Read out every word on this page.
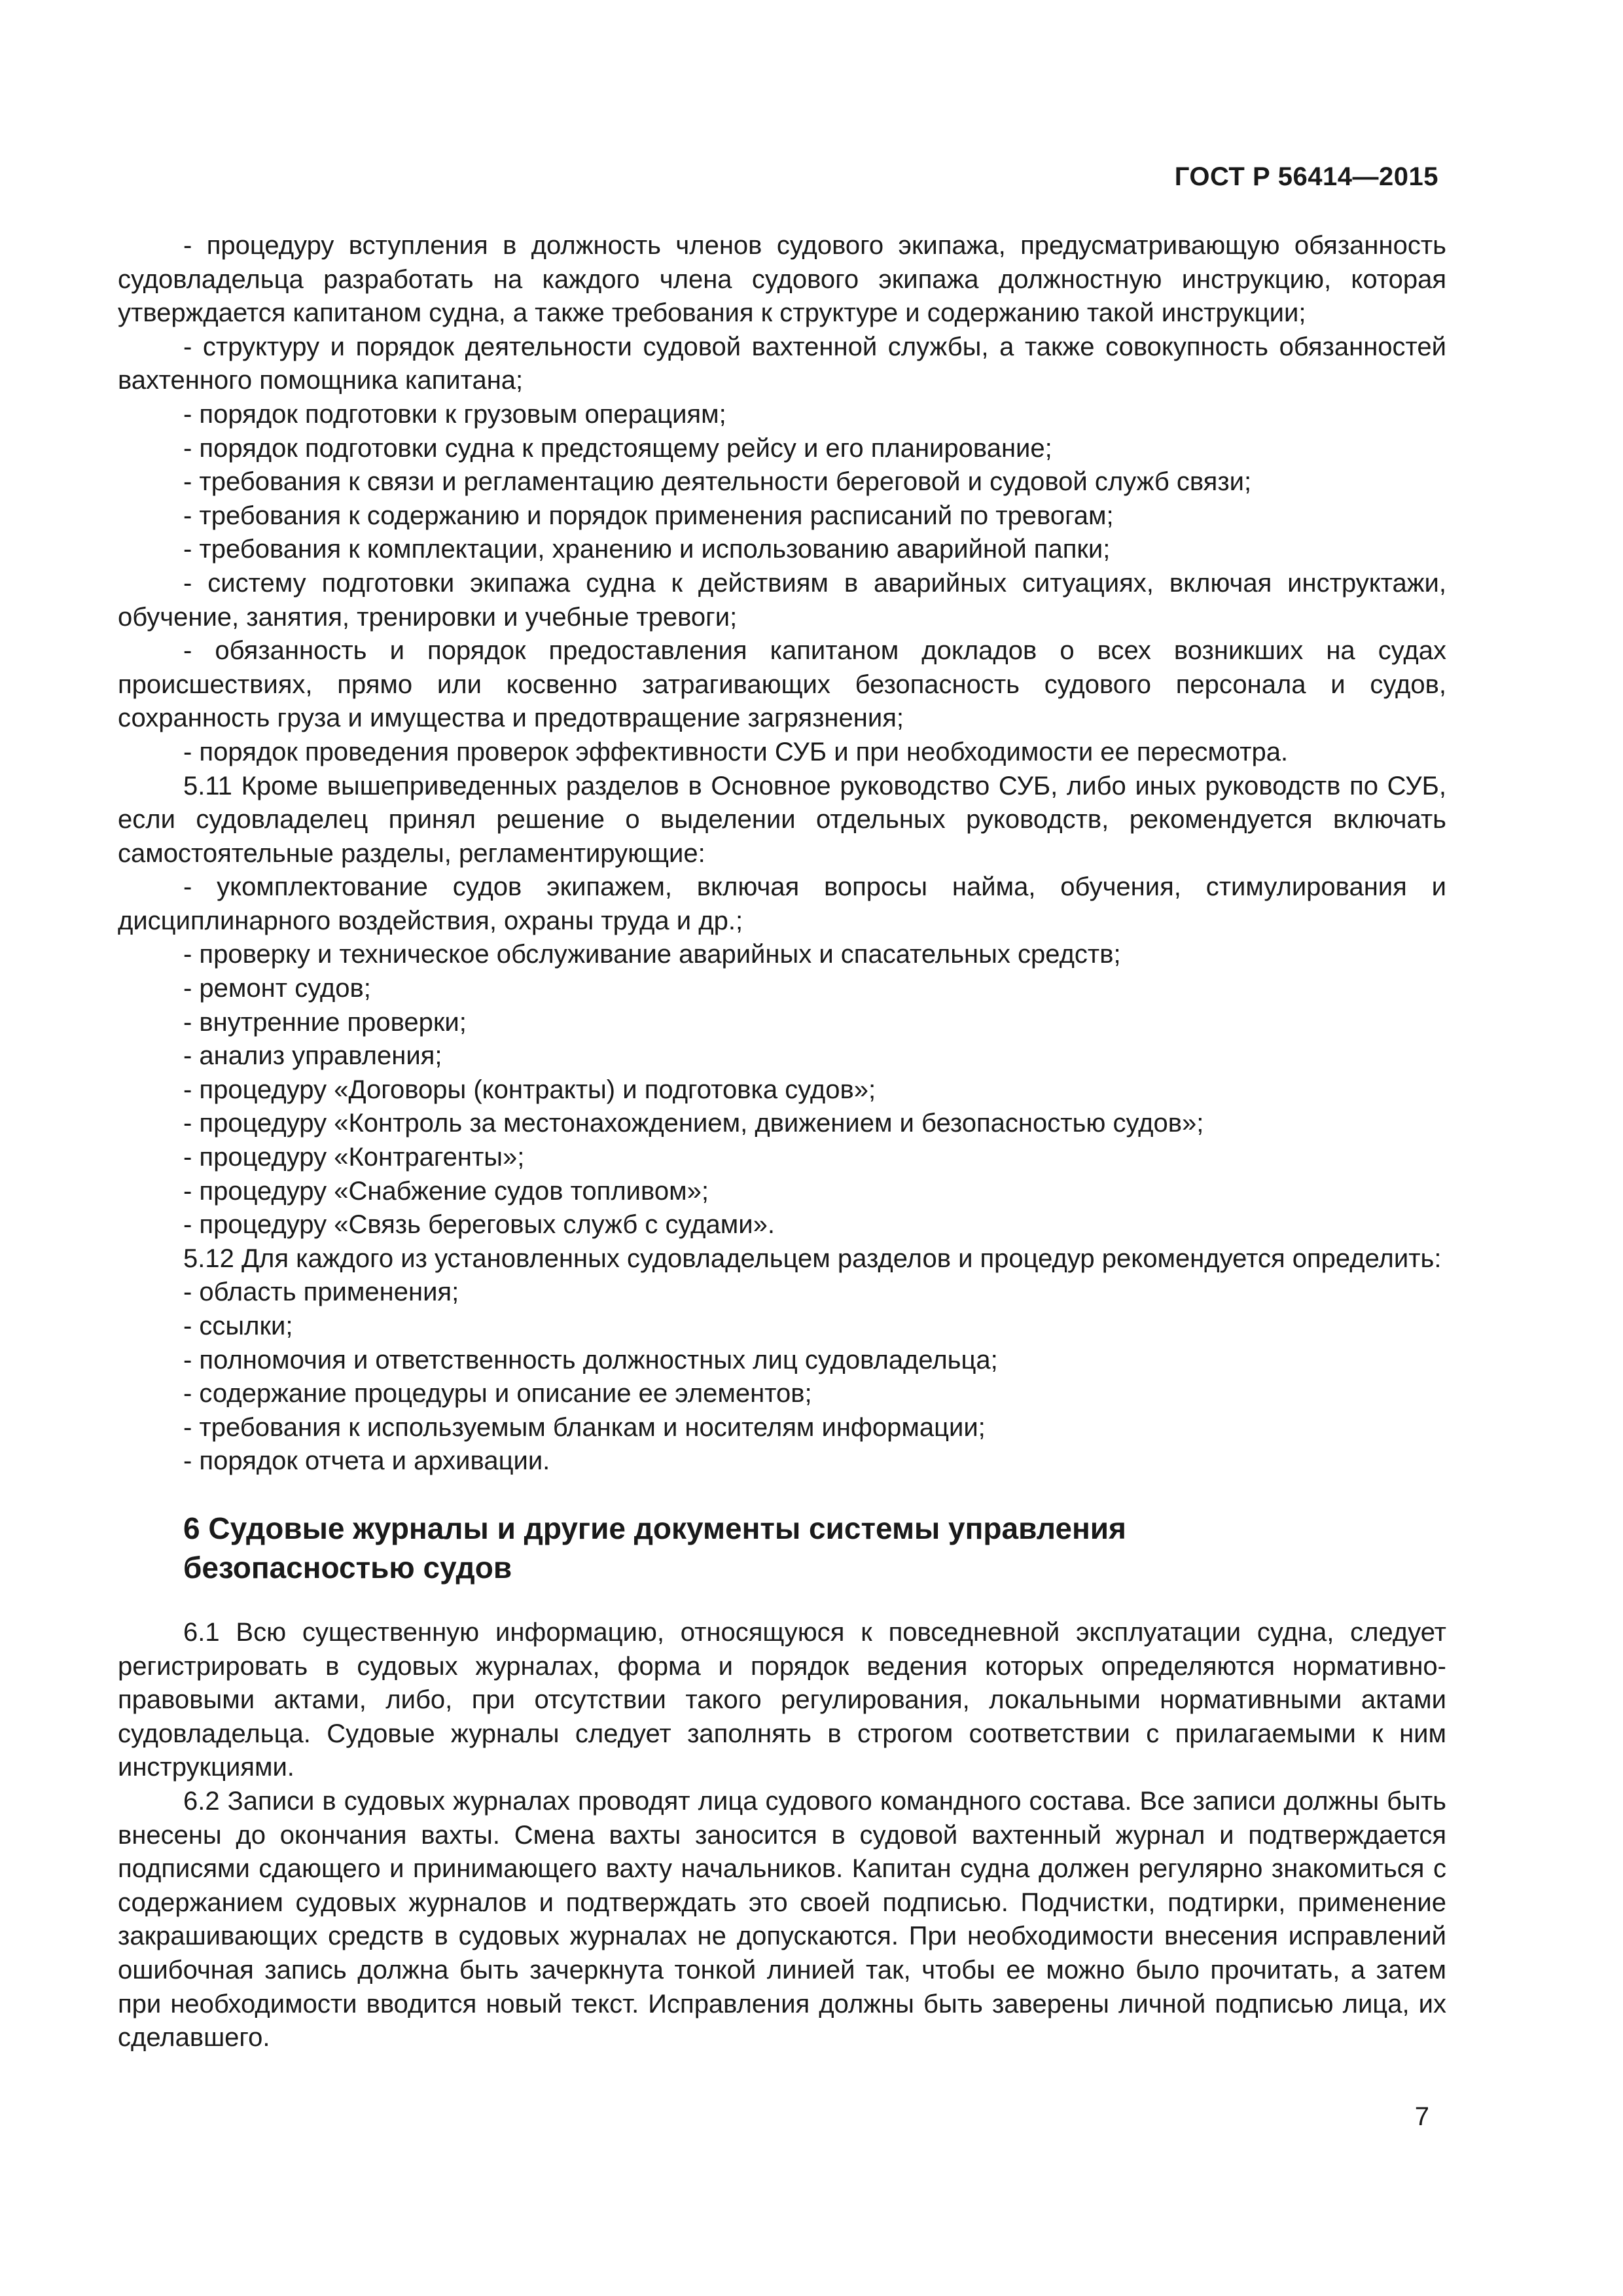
ГОСТ Р 56414—2015

- процедуру вступления в должность членов судового экипажа, предусматривающую обязанность судовладельца разработать на каждого члена судового экипажа должностную инструкцию, которая утверждается капитаном судна, а также требования к структуре и содержанию такой инструкции;

- структуру и порядок деятельности судовой вахтенной службы, а также совокупность обязанностей вахтенного помощника капитана;

- порядок подготовки к грузовым операциям;

- порядок подготовки судна к предстоящему рейсу и его планирование;

- требования к связи и регламентацию деятельности береговой и судовой служб связи;

- требования к содержанию и порядок применения расписаний по тревогам;

- требования к комплектации, хранению и использованию аварийной папки;

- систему подготовки экипажа судна к действиям в аварийных ситуациях, включая инструктажи, обучение, занятия, тренировки и учебные тревоги;

- обязанность и порядок предоставления капитаном докладов о всех возникших на судах происшествиях, прямо или косвенно затрагивающих безопасность судового персонала и судов, сохранность груза и имущества и предотвращение загрязнения;

- порядок проведения проверок эффективности СУБ и при необходимости ее пересмотра.

5.11 Кроме вышеприведенных разделов в Основное руководство СУБ, либо иных руководств по СУБ, если судовладелец принял решение о выделении отдельных руководств, рекомендуется включать самостоятельные разделы, регламентирующие:

- укомплектование судов экипажем, включая вопросы найма, обучения, стимулирования и дисциплинарного воздействия, охраны труда и др.;

- проверку и техническое обслуживание аварийных и спасательных средств;

- ремонт судов;

- внутренние проверки;

- анализ управления;

- процедуру «Договоры (контракты) и подготовка судов»;

- процедуру «Контроль за местонахождением, движением и безопасностью судов»;

- процедуру «Контрагенты»;

- процедуру «Снабжение судов топливом»;

- процедуру «Связь береговых служб с судами».

5.12 Для каждого из установленных судовладельцем разделов и процедур рекомендуется определить:

- область применения;

- ссылки;

- полномочия и ответственность должностных лиц судовладельца;

- содержание процедуры и описание ее элементов;

- требования к используемым бланкам и носителям информации;

- порядок отчета и архивации.

6 Судовые журналы и другие документы системы управления безопасностью судов

6.1 Всю существенную информацию, относящуюся к повседневной эксплуатации судна, следует регистрировать в судовых журналах, форма и порядок ведения которых определяются нормативно-правовыми актами, либо, при отсутствии такого регулирования, локальными нормативными актами судовладельца. Судовые журналы следует заполнять в строгом соответствии с прилагаемыми к ним инструкциями.

6.2 Записи в судовых журналах проводят лица судового командного состава. Все записи должны быть внесены до окончания вахты. Смена вахты заносится в судовой вахтенный журнал и подтверждается подписями сдающего и принимающего вахту начальников. Капитан судна должен регулярно знакомиться с содержанием судовых журналов и подтверждать это своей подписью. Подчистки, подтирки, применение закрашивающих средств в судовых журналах не допускаются. При необходимости внесения исправлений ошибочная запись должна быть зачеркнута тонкой линией так, чтобы ее можно было прочитать, а затем при необходимости вводится новый текст. Исправления должны быть заверены личной подписью лица, их сделавшего.

7
